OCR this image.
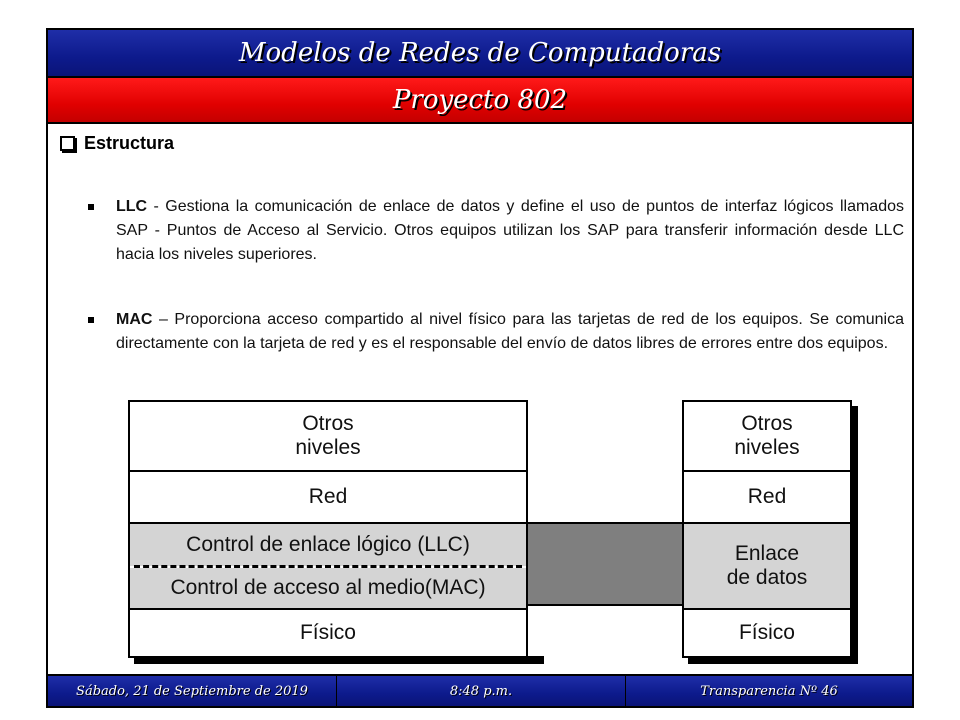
Modelos de Redes de Computadoras
Proyecto 802
Estructura
LLC - Gestiona la comunicación de enlace de datos y define el uso de puntos de interfaz lógicos llamados SAP - Puntos de Acceso al Servicio. Otros equipos utilizan los SAP para transferir información desde LLC hacia los niveles superiores.
MAC – Proporciona acceso compartido al nivel físico para las tarjetas de red de los equipos. Se comunica directamente con la tarjeta de red y es el responsable del envío de datos libres de errores entre dos equipos.
Otros
niveles
Red
Control de enlace lógico (LLC)
Control de acceso al medio(MAC)
Físico
Otros
niveles
Red
Enlace
de datos
Físico
Sábado, 21 de Septiembre de 2019	8:48 p.m.	Transparencia Nº 46
